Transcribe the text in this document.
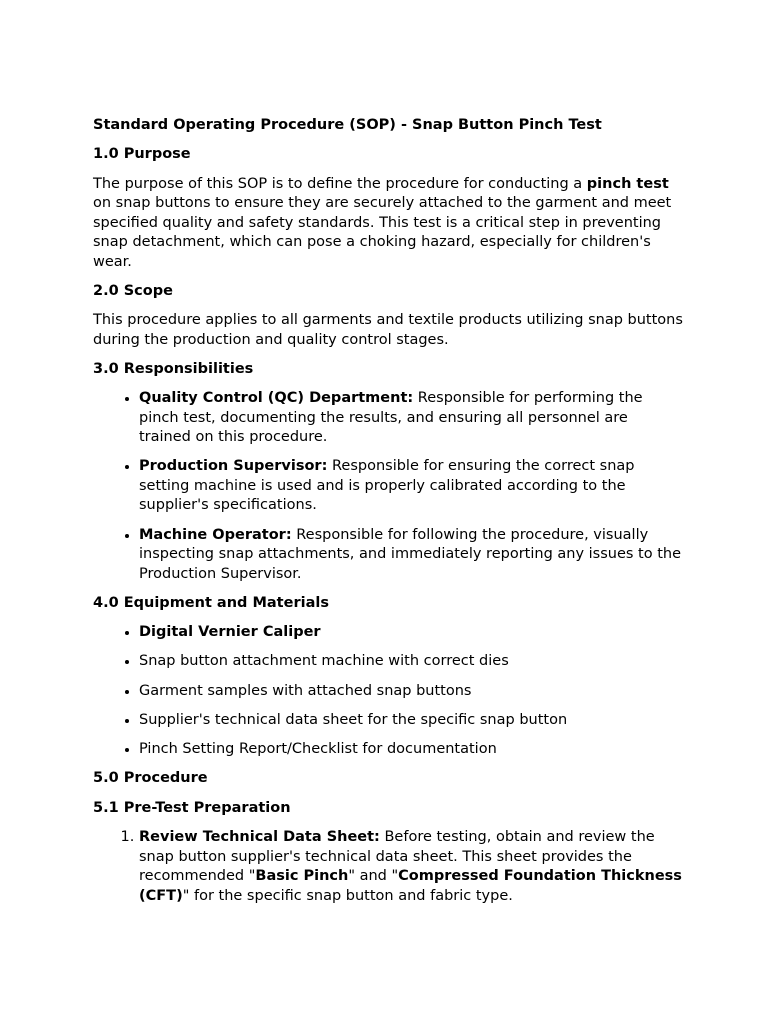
Standard Operating Procedure (SOP) - Snap Button Pinch Test
1.0 Purpose

The purpose of this SOP is to define the procedure for conducting a pinch test on snap buttons to ensure they are securely attached to the garment and meet specified quality and safety standards. This test is a critical step in preventing snap detachment, which can pose a choking hazard, especially for children's wear.

2.0 Scope

This procedure applies to all garments and textile products utilizing snap buttons during the production and quality control stages.

3.0 Responsibilities
• Quality Control (QC) Department: Responsible for performing the pinch test, documenting the results, and ensuring all personnel are trained on this procedure.
• Production Supervisor: Responsible for ensuring the correct snap setting machine is used and is properly calibrated according to the supplier's specifications.
• Machine Operator: Responsible for following the procedure, visually inspecting snap attachments, and immediately reporting any issues to the Production Supervisor.
4.0 Equipment and Materials
• Digital Vernier Caliper
• Snap button attachment machine with correct dies
• Garment samples with attached snap buttons
• Supplier's technical data sheet for the specific snap button
• Pinch Setting Report/Checklist for documentation
5.0 Procedure
5.1 Pre-Test Preparation
1. Review Technical Data Sheet: Before testing, obtain and review the snap button supplier's technical data sheet. This sheet provides the recommended "Basic Pinch" and "Compressed Foundation Thickness (CFT)" for the specific snap button and fabric type.
